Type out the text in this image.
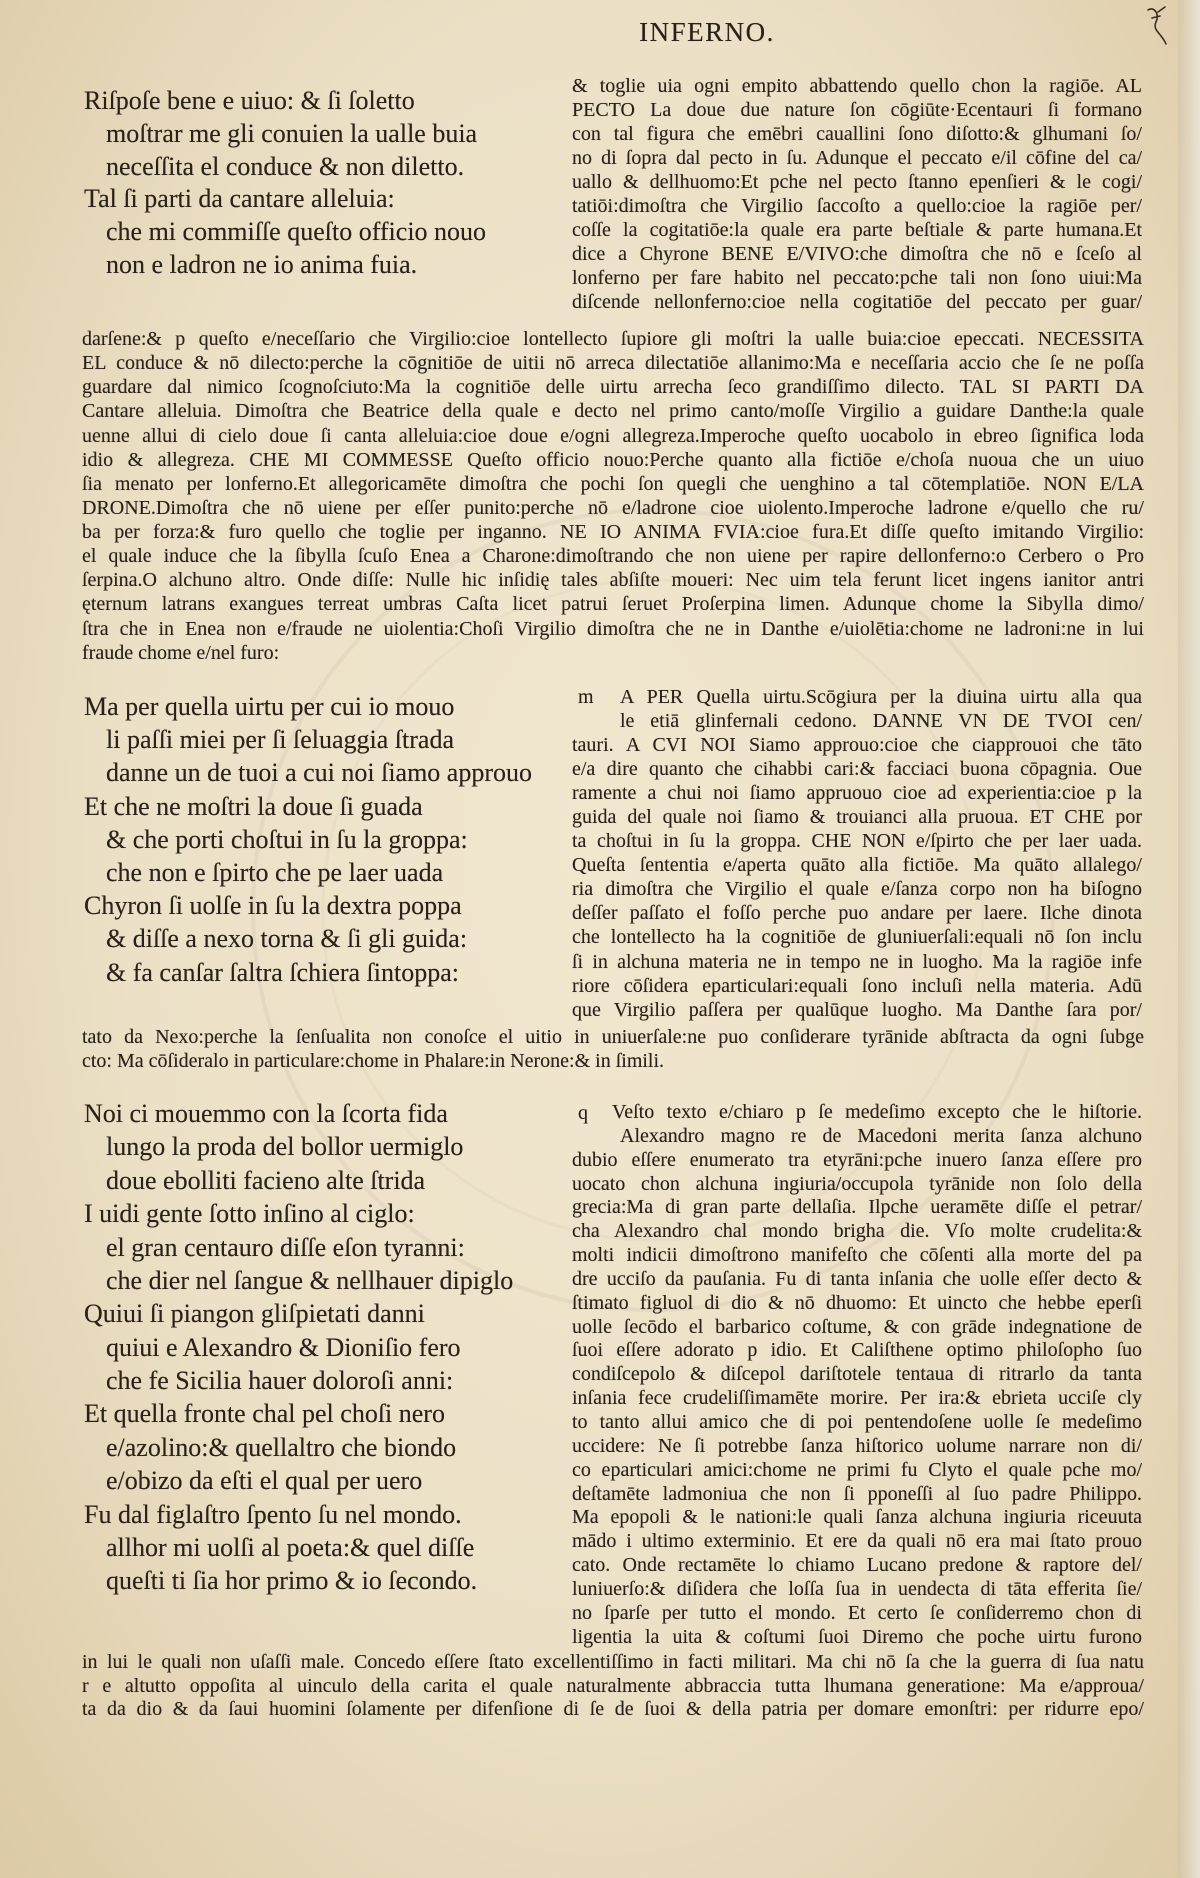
INFERNO.
Riſpoſe bene e uiuo: & ſi ſoletto
moſtrar me gli conuien la ualle buia
neceſſita el conduce & non diletto.
Tal ſi parti da cantare alleluia:
che mi commiſſe queſto officio nouo
non e ladron ne io anima fuia.
& toglie uia ogni empito abbattendo quello chon la ragiōe. AL
PECTO La doue due nature ſon cōgiūte·Ecentauri ſi formano
con tal figura che emēbri cauallini ſono diſotto:& glhumani ſo/
no di ſopra dal pecto in ſu. Adunque el peccato e/il cōfine del ca/
uallo & dellhuomo:Et pche nel pecto ſtanno epenſieri & le cogi/
tatiōi:dimoſtra che Virgilio ſaccoſto a quello:cioe la ragiōe per/
coſſe la cogitatiōe:la quale era parte beſtiale & parte humana.Et
dice a Chyrone BENE E/VIVO:che dimoſtra che nō e ſceſo al
lonferno per fare habito nel peccato:pche tali non ſono uiui:Ma
diſcende nellonferno:cioe nella cogitatiōe del peccato per guar/
darſene:& p queſto e/neceſſario che Virgilio:cioe lontellecto ſupiore gli moſtri la ualle buia:cioe epeccati. NECESSITA
EL conduce & nō dilecto:perche la cōgnitiōe de uitii nō arreca dilectatiōe allanimo:Ma e neceſſaria accio che ſe ne poſſa
guardare dal nimico ſcognoſciuto:Ma la cognitiōe delle uirtu arrecha ſeco grandiſſimo dilecto. TAL SI PARTI DA
Cantare alleluia. Dimoſtra che Beatrice della quale e decto nel primo canto/moſſe Virgilio a guidare Danthe:la quale
uenne allui di cielo doue ſi canta alleluia:cioe doue e/ogni allegreza.Imperoche queſto uocabolo in ebreo ſignifica loda
idio & allegreza. CHE MI COMMESSE Queſto officio nouo:Perche quanto alla fictiōe e/choſa nuoua che un uiuo
ſia menato per lonferno.Et allegoricamēte dimoſtra che pochi ſon quegli che uenghino a tal cōtemplatiōe. NON E/LA
DRONE.Dimoſtra che nō uiene per eſſer punito:perche nō e/ladrone cioe uiolento.Imperoche ladrone e/quello che ru/
ba per forza:& furo quello che toglie per inganno. NE IO ANIMA FVIA:cioe fura.Et diſſe queſto imitando Virgilio:
el quale induce che la ſibylla ſcuſo Enea a Charone:dimoſtrando che non uiene per rapire dellonferno:o Cerbero o Pro
ſerpina.O alchuno altro. Onde diſſe: Nulle hic inſidię tales abſiſte moueri: Nec uim tela ferunt licet ingens ianitor antri
ęternum latrans exangues terreat umbras Caſta licet patrui ſeruet Proſerpina limen. Adunque chome la Sibylla dimo/
ſtra che in Enea non e/fraude ne uiolentia:Choſi Virgilio dimoſtra che ne in Danthe e/uiolētia:chome ne ladroni:ne in lui
fraude chome e/nel furo:
Ma per quella uirtu per cui io mouo
li paſſi miei per ſi ſeluaggia ſtrada
danne un de tuoi a cui noi ſiamo approuo
Et che ne moſtri la doue ſi guada
& che porti choſtui in ſu la groppa:
che non e ſpirto che pe laer uada
Chyron ſi uolſe in ſu la dextra poppa
& diſſe a nexo torna & ſi gli guida:
& fa canſar ſaltra ſchiera ſintoppa:
m	A PER Quella uirtu.Scōgiura per la diuina uirtu alla qua
le etiā glinfernali cedono. DANNE VN DE TVOI cen/
tauri. A CVI NOI Siamo approuo:cioe che ciapprouoi che tāto
e/a dire quanto che cihabbi cari:& facciaci buona cōpagnia. Oue
ramente a chui noi ſiamo appruouo cioe ad experientia:cioe p la
guida del quale noi ſiamo & trouianci alla pruoua. ET CHE por
ta choſtui in ſu la groppa. CHE NON e/ſpirto che per laer uada.
Queſta ſententia e/aperta quāto alla fictiōe. Ma quāto allalego/
ria dimoſtra che Virgilio el quale e/ſanza corpo non ha biſogno
deſſer paſſato el foſſo perche puo andare per laere. Ilche dinota
che lontellecto ha la cognitiōe de gluniuerſali:equali nō ſon inclu
ſi in alchuna materia ne in tempo ne in luogho. Ma la ragiōe infe
riore cōſidera eparticulari:equali ſono incluſi nella materia. Adū
que Virgilio paſſera per qualūque luogho. Ma Danthe ſara por/
tato da Nexo:perche la ſenſualita non conoſce el uitio in uniuerſale:ne puo conſiderare tyrānide abſtracta da ogni ſubge
cto: Ma cōſideralo in particulare:chome in Phalare:in Nerone:& in ſimili.
Noi ci mouemmo con la ſcorta fida
lungo la proda del bollor uermiglo
doue ebolliti facieno alte ſtrida
I uidi gente ſotto inſino al ciglo:
el gran centauro diſſe eſon tyranni:
che dier nel ſangue & nellhauer dipiglo
Quiui ſi piangon gliſpietati danni
quiui e Alexandro & Dioniſio fero
che fe Sicilia hauer doloroſi anni:
Et quella fronte chal pel choſi nero
e/azolino:& quellaltro che biondo
e/obizo da eſti el qual per uero
Fu dal figlaſtro ſpento ſu nel mondo.
allhor mi uolſi al poeta:& quel diſſe
queſti ti ſia hor primo & io ſecondo.
q	Veſto texto e/chiaro p ſe medeſimo excepto che le hiſtorie.
Alexandro magno re de Macedoni merita ſanza alchuno
dubio eſſere enumerato tra etyrāni:pche inuero ſanza eſſere pro
uocato chon alchuna ingiuria/occupola tyrānide non ſolo della
grecia:Ma di gran parte dellaſia. Ilpche ueramēte diſſe el petrar/
cha Alexandro chal mondo brigha die. Vſo molte crudelita:&
molti indicii dimoſtrono manifeſto che cōſenti alla morte del pa
dre ucciſo da pauſania. Fu di tanta inſania che uolle eſſer decto &
ſtimato figluol di dio & nō dhuomo: Et uincto che hebbe eperſi
uolle ſecōdo el barbarico coſtume, & con grāde indegnatione de
ſuoi eſſere adorato p idio. Et Caliſthene optimo philoſopho ſuo
condiſcepolo & diſcepol dariſtotele tentaua di ritrarlo da tanta
inſania fece crudeliſſimamēte morire. Per ira:& ebrieta ucciſe cly
to tanto allui amico che di poi pentendoſene uolle ſe medeſimo
uccidere: Ne ſi potrebbe ſanza hiſtorico uolume narrare non di/
co eparticulari amici:chome ne primi fu Clyto el quale pche mo/
deſtamēte ladmoniua che non ſi pponeſſi al ſuo padre Philippo.
Ma epopoli & le nationi:le quali ſanza alchuna ingiuria riceuuta
mādo i ultimo exterminio. Et ere da quali nō era mai ſtato prouo
cato. Onde rectamēte lo chiamo Lucano predone & raptore del/
luniuerſo:& diſidera che loſſa ſua in uendecta di tāta efferita ſie/
no ſparſe per tutto el mondo. Et certo ſe conſiderremo chon di
ligentia la uita & coſtumi ſuoi Diremo che poche uirtu furono
in lui le quali non uſaſſi male. Concedo eſſere ſtato excellentiſſimo in facti militari. Ma chi nō ſa che la guerra di ſua natu
r e altutto oppoſita al uinculo della carita el quale naturalmente abbraccia tutta lhumana generatione: Ma e/approua/
ta da dio & da ſaui huomini ſolamente per difenſione di ſe de ſuoi & della patria per domare emonſtri: per ridurre epo/
